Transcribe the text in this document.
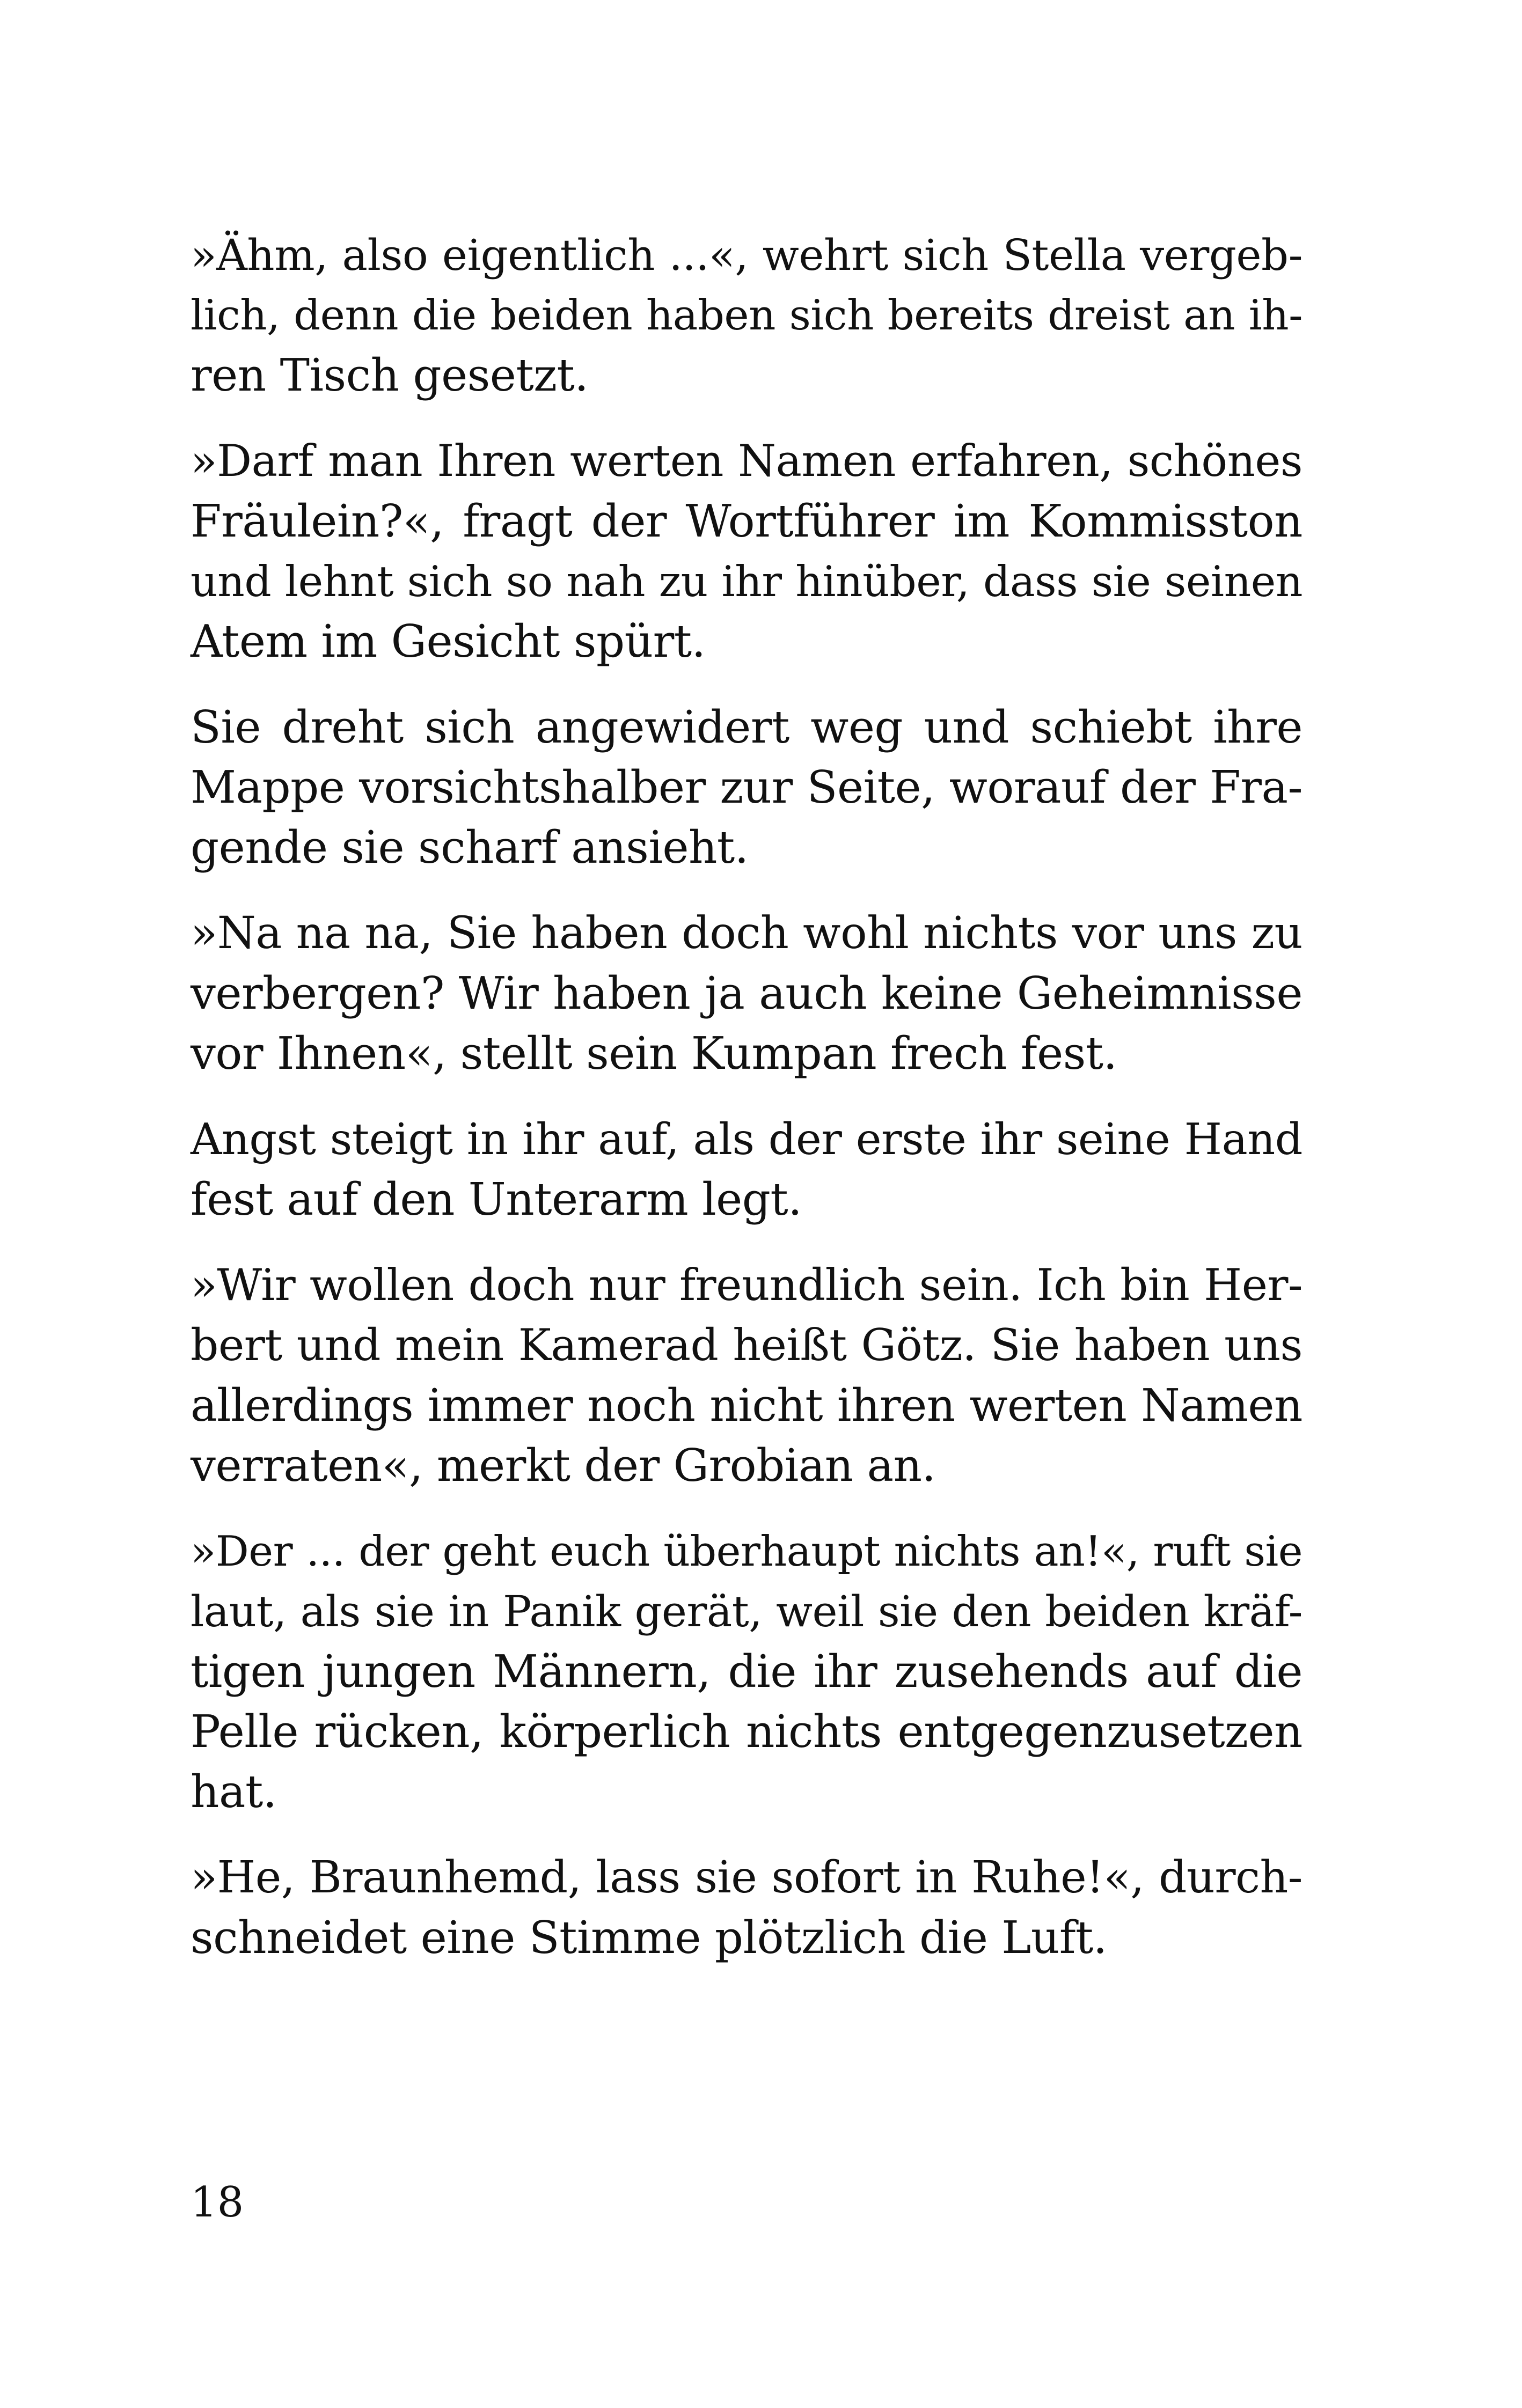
»Ähm, also eigentlich ...«, wehrt sich Stella vergeb-
lich, denn die beiden haben sich bereits dreist an ih-
ren Tisch gesetzt.
»Darf man Ihren werten Namen erfahren, schönes
Fräulein?«, fragt der Wortführer im Kommisston
und lehnt sich so nah zu ihr hinüber, dass sie seinen
Atem im Gesicht spürt.
Sie dreht sich angewidert weg und schiebt ihre
Mappe vorsichtshalber zur Seite, worauf der Fra-
gende sie scharf ansieht.
»Na na na, Sie haben doch wohl nichts vor uns zu
verbergen? Wir haben ja auch keine Geheimnisse
vor Ihnen«, stellt sein Kumpan frech fest.
Angst steigt in ihr auf, als der erste ihr seine Hand
fest auf den Unterarm legt.
»Wir wollen doch nur freundlich sein. Ich bin Her-
bert und mein Kamerad heißt Götz. Sie haben uns
allerdings immer noch nicht ihren werten Namen
verraten«, merkt der Grobian an.
»Der ... der geht euch überhaupt nichts an!«, ruft sie
laut, als sie in Panik gerät, weil sie den beiden kräf-
tigen jungen Männern, die ihr zusehends auf die
Pelle rücken, körperlich nichts entgegenzusetzen
hat.
»He, Braunhemd, lass sie sofort in Ruhe!«, durch-
schneidet eine Stimme plötzlich die Luft.
18
